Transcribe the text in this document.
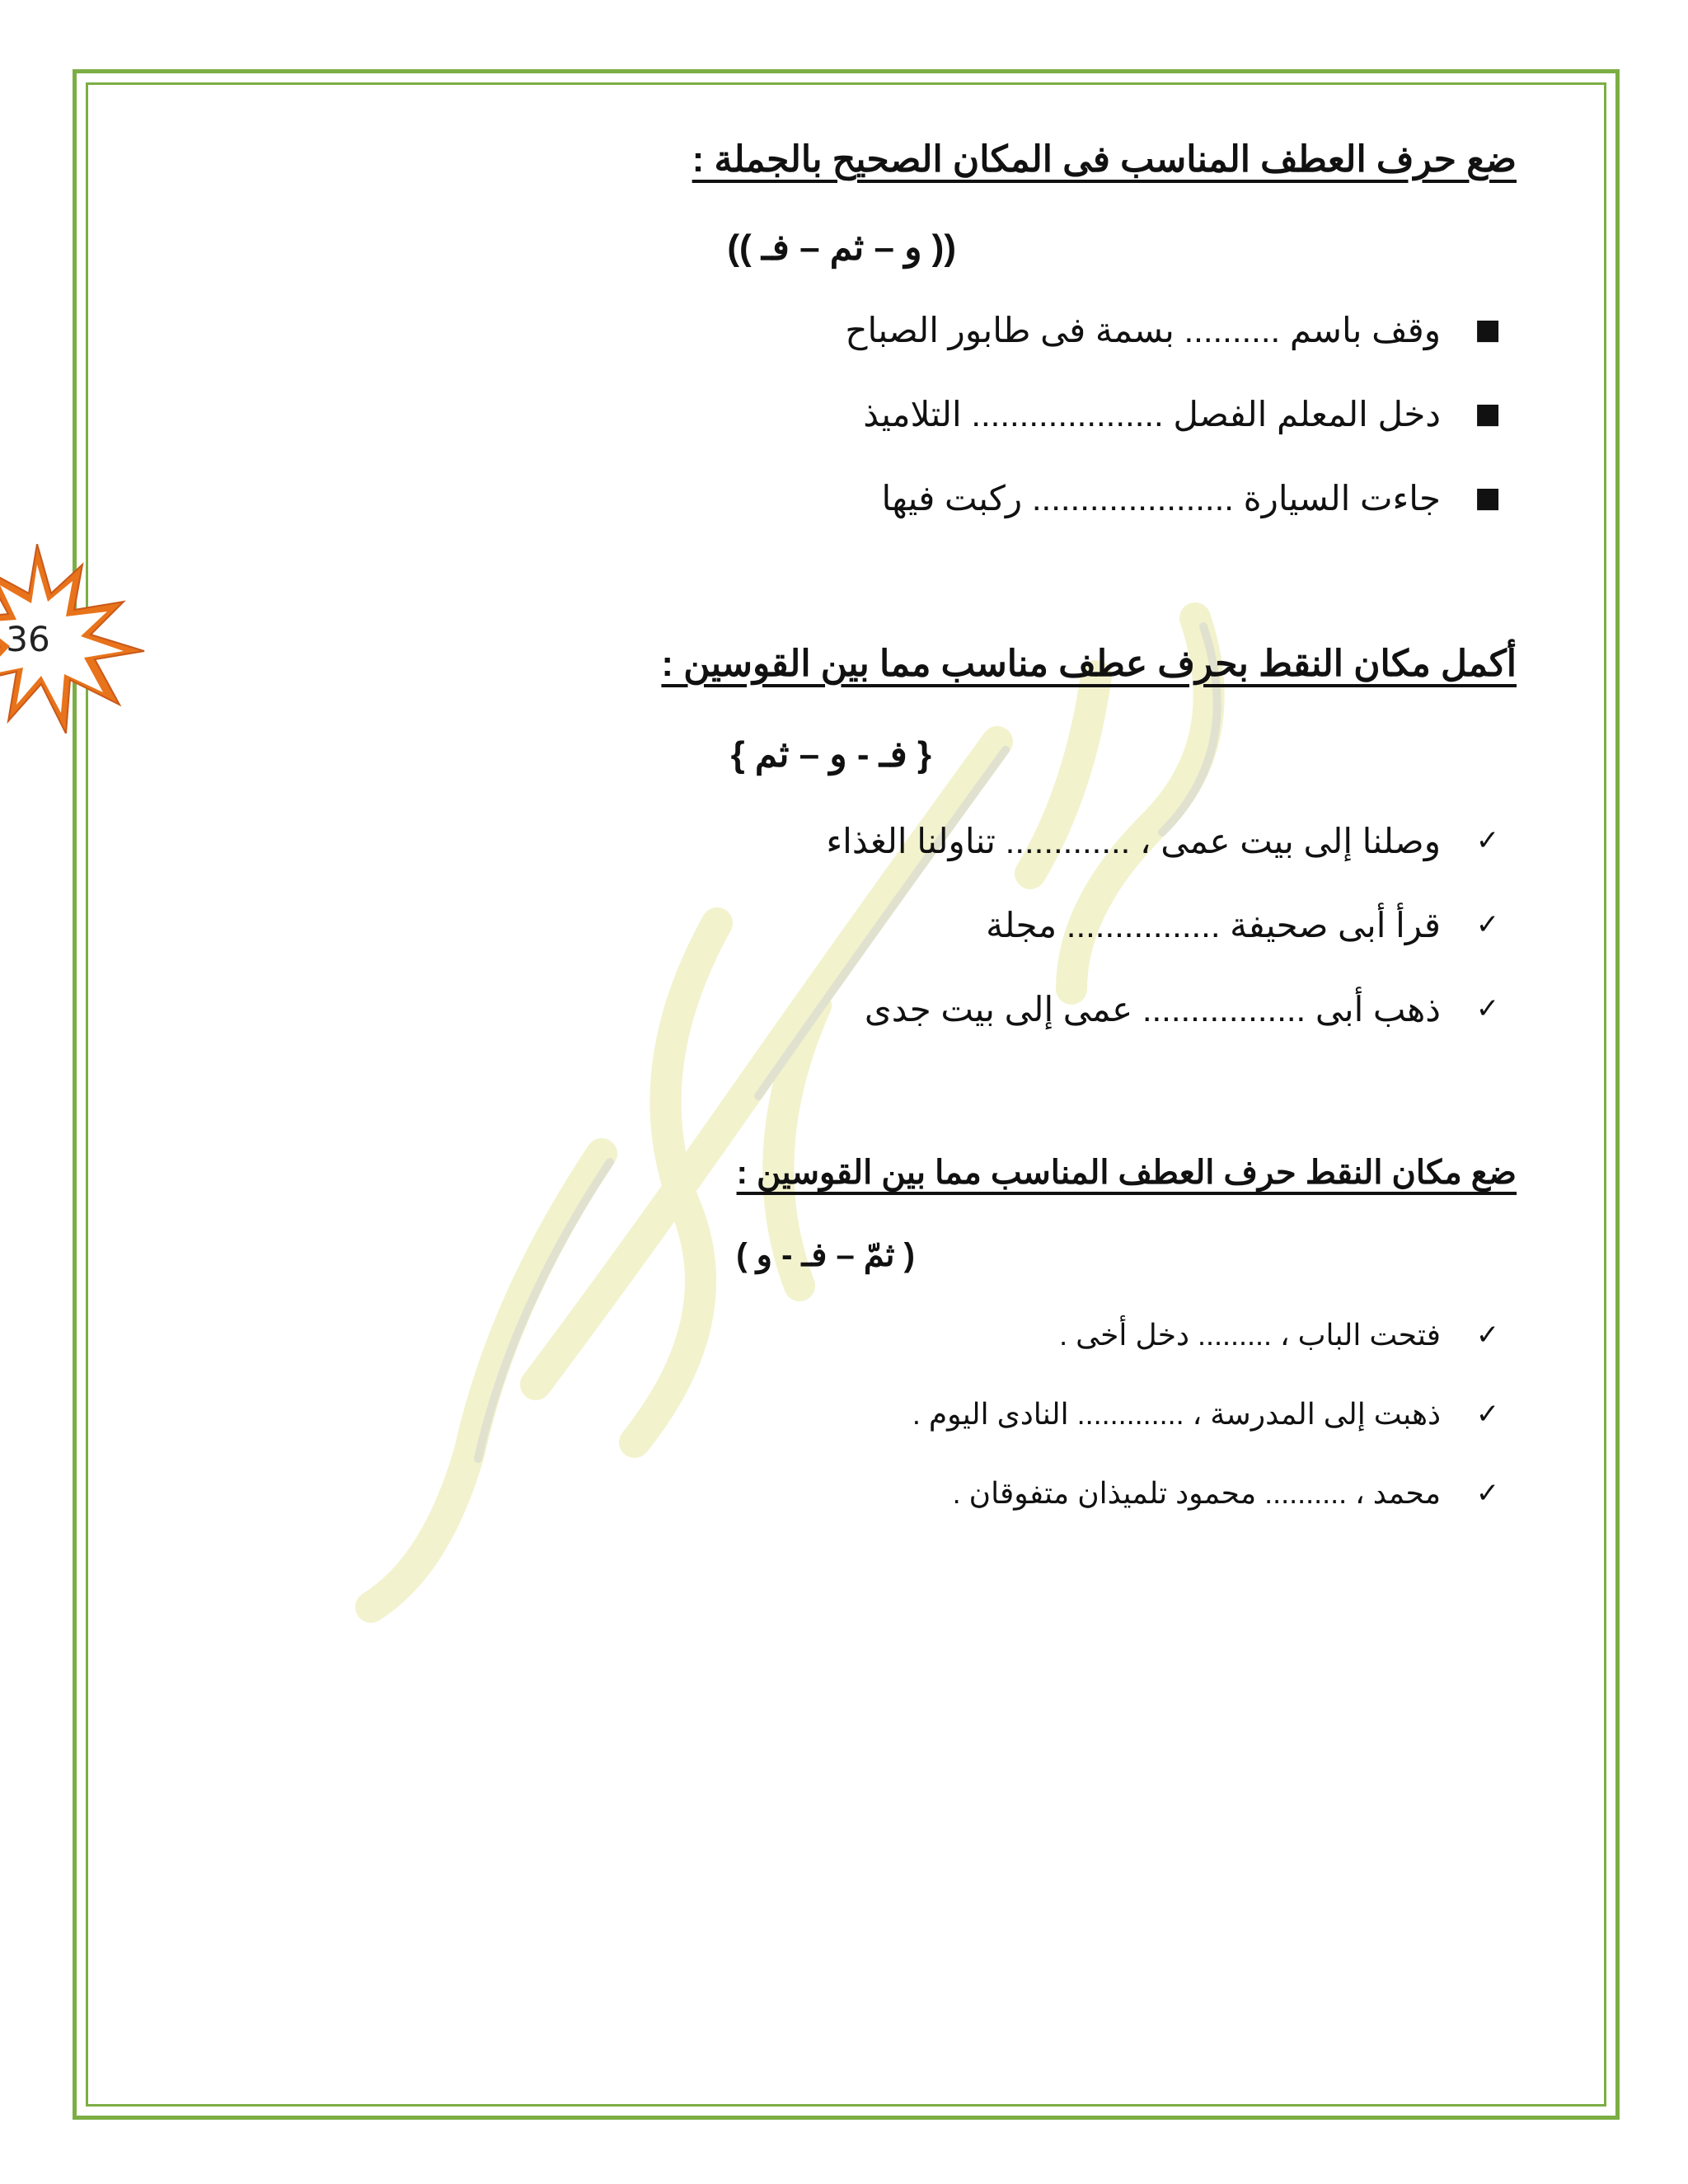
36
ضع حرف العطف المناسب فى المكان الصحيح بالجملة :
(( و – ثم – فـ ))
■
وقف باسم .......... بسمة فى طابور الصباح
■
دخل المعلم الفصل .................... التلاميذ
■
جاءت السيارة ..................... ركبت فيها
أكمل مكان النقط بحرف عطف مناسب مما بين القوسين :
{ فـ - و – ثم }
✓
وصلنا إلى بيت عمى ، ............. تناولنا الغذاء
✓
قرأ أبى صحيفة ................ مجلة
✓
ذهب أبى ................. عمى إلى بيت جدى
ضع مكان النقط حرف العطف المناسب مما بين القوسين :
( ثمّ – فـ - و )
✓
فتحت الباب ، ......... دخل أخى .
✓
ذهبت إلى المدرسة ، ............. النادى اليوم .
✓
محمد ، .......... محمود تلميذان متفوقان .
